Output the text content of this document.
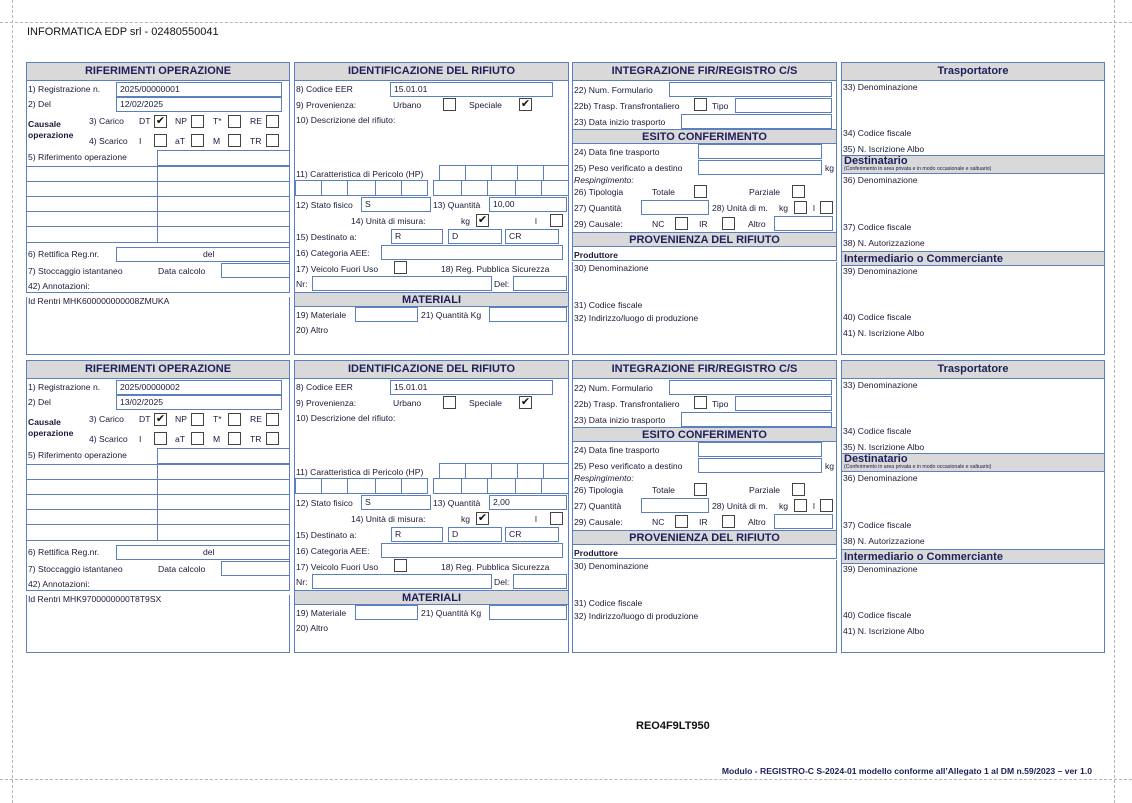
INFORMATICA EDP srl - 02480550041
RIFERIMENTI OPERAZIONE
1) Registrazione n.	2025/00000001
2) Del	12/02/2025
Causale operazione
3) Carico DT ✔ NP	T*	RE
4) Scarico I	aT	M	TR
5) Riferimento operazione
6) Rettifica Reg.nr.	del
7) Stoccaggio istantaneo	Data calcolo
42) Annotazioni:
Id Rentri MHK600000000008ZMUKA
IDENTIFICAZIONE DEL RIFIUTO
8) Codice EER	15.01.01
9) Provenienza:	Urbano	Speciale ✔
10) Descrizione del rifiuto:
11) Caratteristica di Pericolo (HP)
12) Stato fisico	S	13) Quantità	10,00
14) Unità di misura:	kg ✔	l
15) Destinato a:	R	D	CR
16) Categoria AEE:
17) Veicolo Fuori Uso	18) Reg. Pubblica Sicurezza
Nr:	Del:
MATERIALI
19) Materiale	21) Quantità Kg
20) Altro
INTEGRAZIONE FIR/REGISTRO C/S
22) Num. Formulario
22b) Trasp. Transfrontaliero	Tipo
23) Data inizio trasporto
ESITO CONFERIMENTO
24) Data fine trasporto
25) Peso verificato a destino	kg
Respingimento:
26) Tipologia	Totale	Parziale
27) Quantità	28) Unità di m. kg	l
29) Causale:	NC	IR	Altro
PROVENIENZA DEL RIFIUTO
Produttore
30) Denominazione
31) Codice fiscale
32) Indirizzo/luogo di produzione
Trasportatore
33) Denominazione
34) Codice fiscale
35) N. Iscrizione Albo
Destinatario
(Conferimento in area privata e in modo occasionale e saltuario)
36) Denominazione
37) Codice fiscale
38) N. Autorizzazione
Intermediario o Commerciante
39) Denominazione
40) Codice fiscale
41) N. Iscrizione Albo
RIFERIMENTI OPERAZIONE
1) Registrazione n.	2025/00000002
2) Del	13/02/2025
Causale operazione
3) Carico DT ✔ NP	T*	RE
4) Scarico I	aT	M	TR
5) Riferimento operazione
6) Rettifica Reg.nr.	del
7) Stoccaggio istantaneo	Data calcolo
42) Annotazioni:
Id Rentri MHK9700000000T8T9SX
IDENTIFICAZIONE DEL RIFIUTO
8) Codice EER	15.01.01
9) Provenienza:	Urbano	Speciale ✔
10) Descrizione del rifiuto:
11) Caratteristica di Pericolo (HP)
12) Stato fisico	S	13) Quantità	2,00
14) Unità di misura:	kg ✔	l
15) Destinato a:	R	D	CR
16) Categoria AEE:
17) Veicolo Fuori Uso	18) Reg. Pubblica Sicurezza
Nr:	Del:
MATERIALI
19) Materiale	21) Quantità Kg
20) Altro
INTEGRAZIONE FIR/REGISTRO C/S
22) Num. Formulario
22b) Trasp. Transfrontaliero	Tipo
23) Data inizio trasporto
ESITO CONFERIMENTO
24) Data fine trasporto
25) Peso verificato a destino	kg
Respingimento:
26) Tipologia	Totale	Parziale
27) Quantità	28) Unità di m. kg	l
29) Causale:	NC	IR	Altro
PROVENIENZA DEL RIFIUTO
Produttore
30) Denominazione
31) Codice fiscale
32) Indirizzo/luogo di produzione
Trasportatore
33) Denominazione
34) Codice fiscale
35) N. Iscrizione Albo
Destinatario
(Conferimento in area privata e in modo occasionale e saltuario)
36) Denominazione
37) Codice fiscale
38) N. Autorizzazione
Intermediario o Commerciante
39) Denominazione
40) Codice fiscale
41) N. Iscrizione Albo
REO4F9LT950
Modulo - REGISTRO-C S-2024-01 modello conforme all’Allegato 1 al DM n.59/2023 – ver 1.0
